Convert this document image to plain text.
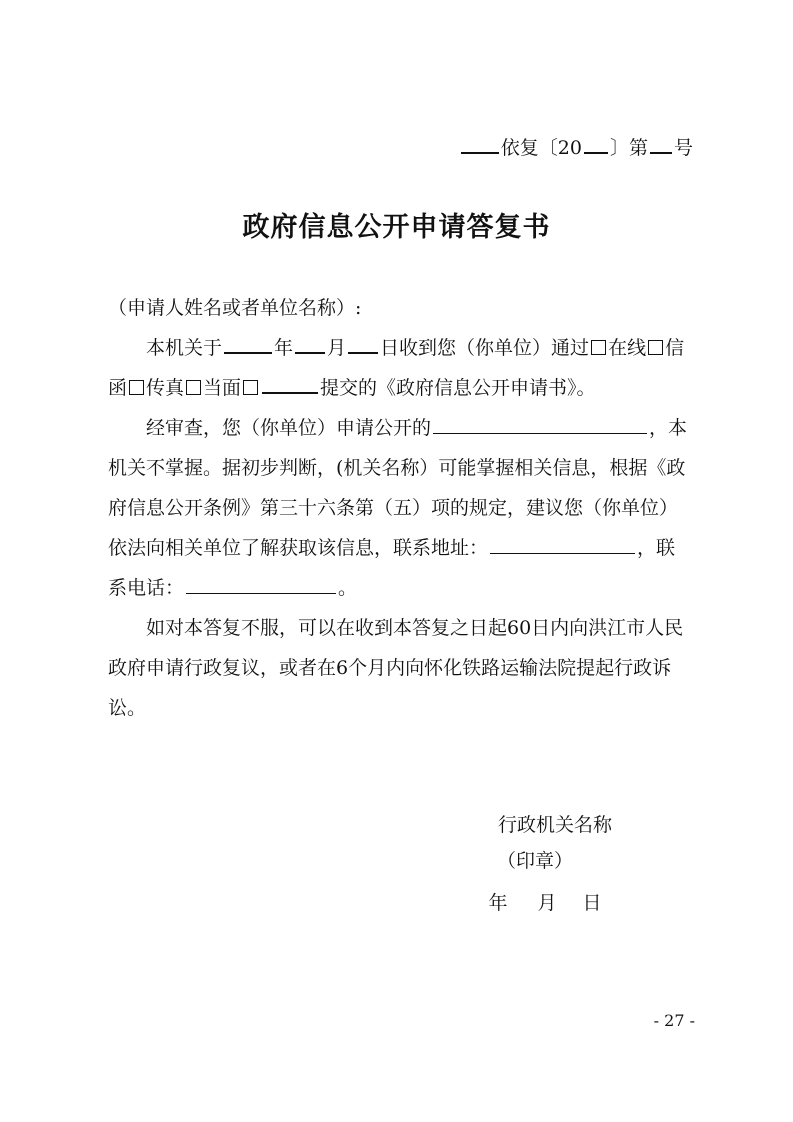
依复〔20 〕第 号
政府信息公开申请答复书

（申请人姓名或者单位名称）:

本机关于	年 月 日收到您（你单位）通过 在线 信函 传真 当面	提交的《政府信息公开申请书》。

经审查，您（你单位）申请公开的	，本机关不掌握。据初步判断，(机关名称）可能掌握相关信息，根据《政府信息公开条例》第三十六条第（五）项的规定，建议您（你单位）依法向相关单位了解获取该信息，联系地址：	，联系电话：	。

如对本答复不服，可以在收到本答复之日起60日内向洪江市人民政府申请行政复议，或者在6个月内向怀化铁路运输法院提起行政诉讼。

行政机关名称
（印章）
年 月 日
- 27 -
